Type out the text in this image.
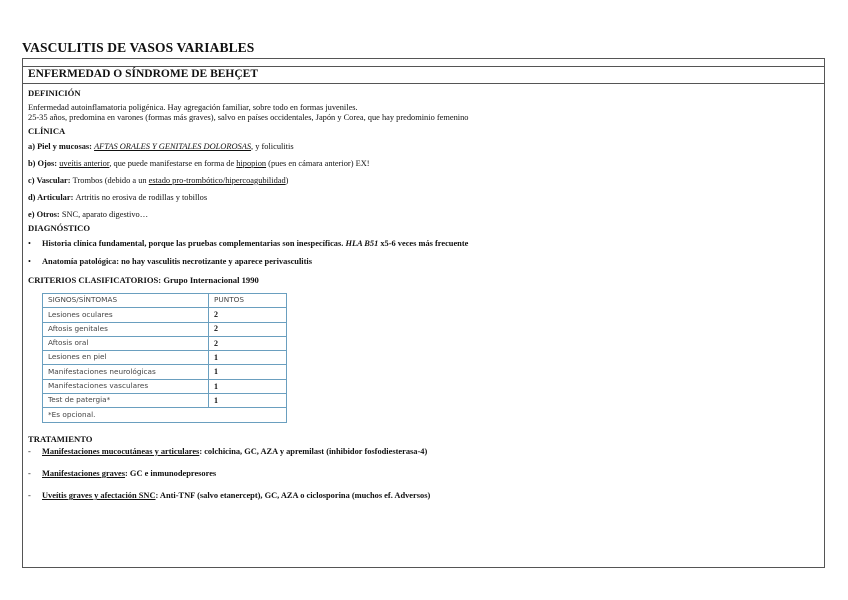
VASCULITIS DE VASOS VARIABLES
ENFERMEDAD O SÍNDROME DE BEHÇET

DEFINICIÓN

Enfermedad autoinflamatoria poligénica. Hay agregación familiar, sobre todo en formas juveniles.

25-35 años, predomina en varones (formas más graves), salvo en países occidentales, Japón y Corea, que hay predominio femenino

CLÍNICA

a) Piel y mucosas: AFTAS ORALES Y GENITALES DOLOROSAS, y foliculitis

b) Ojos: uveítis anterior, que puede manifestarse en forma de hipopion (pues en cámara anterior) EX!

c) Vascular: Trombos (debido a un estado pro-trombótico/hipercoagubilidad)

d) Articular: Artritis no erosiva de rodillas y tobillos

e) Otros: SNC, aparato digestivo…

DIAGNÓSTICO

•	Historia clínica fundamental, porque las pruebas complementarias son inespecíficas. HLA B51 x5-6 veces más frecuente
•	Anatomía patológica: no hay vasculitis necrotizante y aparece perivasculitis

CRITERIOS CLASIFICATORIOS: Grupo Internacional 1990

SIGNOS/SÍNTOMAS	PUNTOS
Lesiones oculares	2
Aftosis genitales	2
Aftosis oral	2
Lesiones en piel	1
Manifestaciones neurológicas	1
Manifestaciones vasculares	1
Test de patergia*	1
*Es opcional.	

TRATAMIENTO

-	Manifestaciones mucocutáneas y articulares: colchicina, GC, AZA y apremilast (inhibidor fosfodiesterasa-4)
-	Manifestaciones graves: GC e inmunodepresores
-	Uveítis graves y afectación SNC: Anti-TNF (salvo etanercept), GC, AZA o ciclosporina (muchos ef. Adversos)
